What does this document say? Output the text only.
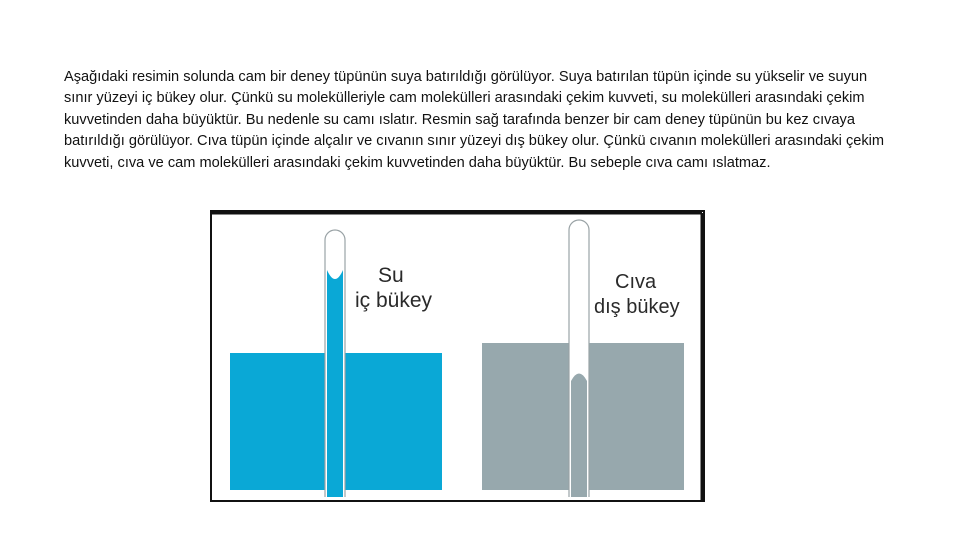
Aşağıdaki resimin solunda cam bir deney tüpünün suya batırıldığı görülüyor. Suya batırılan tüpün içinde su yükselir ve suyun sınır yüzeyi iç bükey olur. Çünkü su molekülleriyle cam molekülleri arasındaki çekim kuvveti, su molekülleri arasındaki çekim kuvvetinden daha büyüktür. Bu nedenle su camı ıslatır. Resmin sağ tarafında benzer bir cam deney tüpünün bu kez cıvaya batırıldığı görülüyor. Cıva tüpün içinde alçalır ve cıvanın sınır yüzeyi dış bükey olur. Çünkü cıvanın molekülleri arasındaki çekim kuvveti, cıva ve cam molekülleri arasındaki çekim kuvvetinden daha büyüktür. Bu sebeple cıva camı ıslatmaz.

Su
iç bükey
Cıva
dış bükey
